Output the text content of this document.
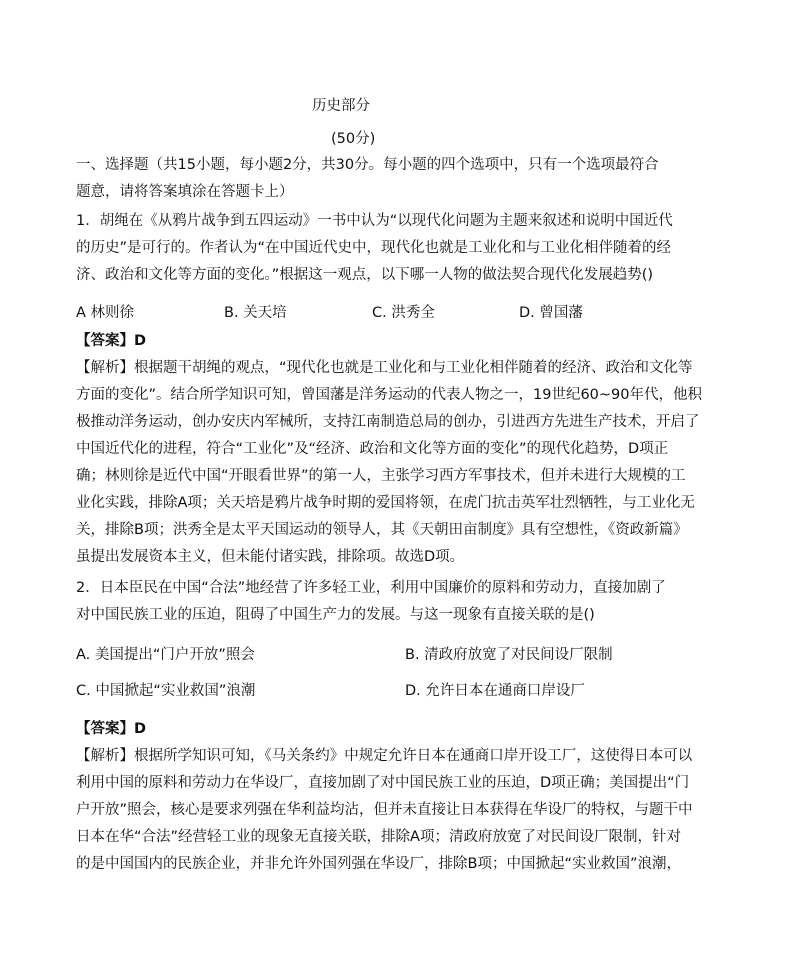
历史部分
(50分)
一、选择题（共15小题，每小题2分，共30分。每小题的四个选项中，只有一个选项最符合
题意，请将答案填涂在答题卡上）
1．胡绳在《从鸦片战争到五四运动》一书中认为“以现代化问题为主题来叙述和说明中国近代
的历史”是可行的。作者认为“在中国近代史中，现代化也就是工业化和与工业化相伴随着的经
济、政治和文化等方面的变化。”根据这一观点，以下哪一人物的做法契合现代化发展趋势()
A 林则徐	B. 关天培	C. 洪秀全	D. 曾国藩
【答案】D
【解析】根据题干胡绳的观点，“现代化也就是工业化和与工业化相伴随着的经济、政治和文化等
方面的变化”。结合所学知识可知，曾国藩是洋务运动的代表人物之一，19世纪60~90年代，他积
极推动洋务运动，创办安庆内军械所，支持江南制造总局的创办，引进西方先进生产技术，开启了
中国近代化的进程，符合“工业化”及“经济、政治和文化等方面的变化”的现代化趋势，D项正
确；林则徐是近代中国“开眼看世界”的第一人，主张学习西方军事技术，但并未进行大规模的工
业化实践，排除A项；关天培是鸦片战争时期的爱国将领，在虎门抗击英军壮烈牺牲，与工业化无
关，排除B项；洪秀全是太平天国运动的领导人，其《天朝田亩制度》具有空想性，《资政新篇》
虽提出发展资本主义，但未能付诸实践，排除项。故选D项。
2．日本臣民在中国“合法”地经营了许多轻工业，利用中国廉价的原料和劳动力，直接加剧了
对中国民族工业的压迫，阻碍了中国生产力的发展。与这一现象有直接关联的是()
A. 美国提出“门户开放”照会	B. 清政府放宽了对民间设厂限制
C. 中国掀起“实业救国”浪潮	D. 允许日本在通商口岸设厂
【答案】D
【解析】根据所学知识可知，《马关条约》中规定允许日本在通商口岸开设工厂，这使得日本可以
利用中国的原料和劳动力在华设厂，直接加剧了对中国民族工业的压迫，D项正确；美国提出“门
户开放”照会，核心是要求列强在华利益均沾，但并未直接让日本获得在华设厂的特权，与题干中
日本在华“合法”经营轻工业的现象无直接关联，排除A项；清政府放宽了对民间设厂限制，针对
的是中国国内的民族企业，并非允许外国列强在华设厂，排除B项；中国掀起“实业救国”浪潮，
